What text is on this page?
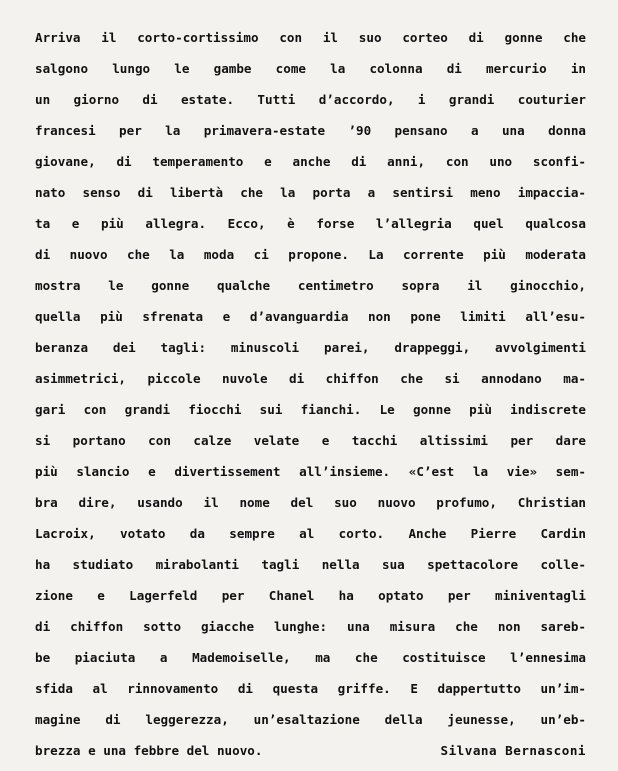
Arriva il corto-cortissimo con il suo corteo di gonne che
salgono lungo le gambe come la colonna di mercurio in
un giorno di estate. Tutti d’accordo, i grandi couturier
francesi per la primavera-estate ’90 pensano a una donna
giovane, di temperamento e anche di anni, con uno sconfi-
nato senso di libertà che la porta a sentirsi meno impaccia-
ta e più allegra. Ecco, è forse l’allegria quel qualcosa
di nuovo che la moda ci propone. La corrente più moderata
mostra le gonne qualche centimetro sopra il ginocchio,
quella più sfrenata e d’avanguardia non pone limiti all’esu-
beranza dei tagli: minuscoli parei, drappeggi, avvolgimenti
asimmetrici, piccole nuvole di chiffon che si annodano ma-
gari con grandi fiocchi sui fianchi. Le gonne più indiscrete
si portano con calze velate e tacchi altissimi per dare
più slancio e divertissement all’insieme. «C’est la vie» sem-
bra dire, usando il nome del suo nuovo profumo, Christian
Lacroix, votato da sempre al corto. Anche Pierre Cardin
ha studiato mirabolanti tagli nella sua spettacolore colle-
zione e Lagerfeld per Chanel ha optato per miniventagli
di chiffon sotto giacche lunghe: una misura che non sareb-
be piaciuta a Mademoiselle, ma che costituisce l’ennesima
sfida al rinnovamento di questa griffe. E dappertutto un’im-
magine di leggerezza, un’esaltazione della jeunesse, un’eb-
brezza e una febbre del nuovo.	Silvana Bernasconi
